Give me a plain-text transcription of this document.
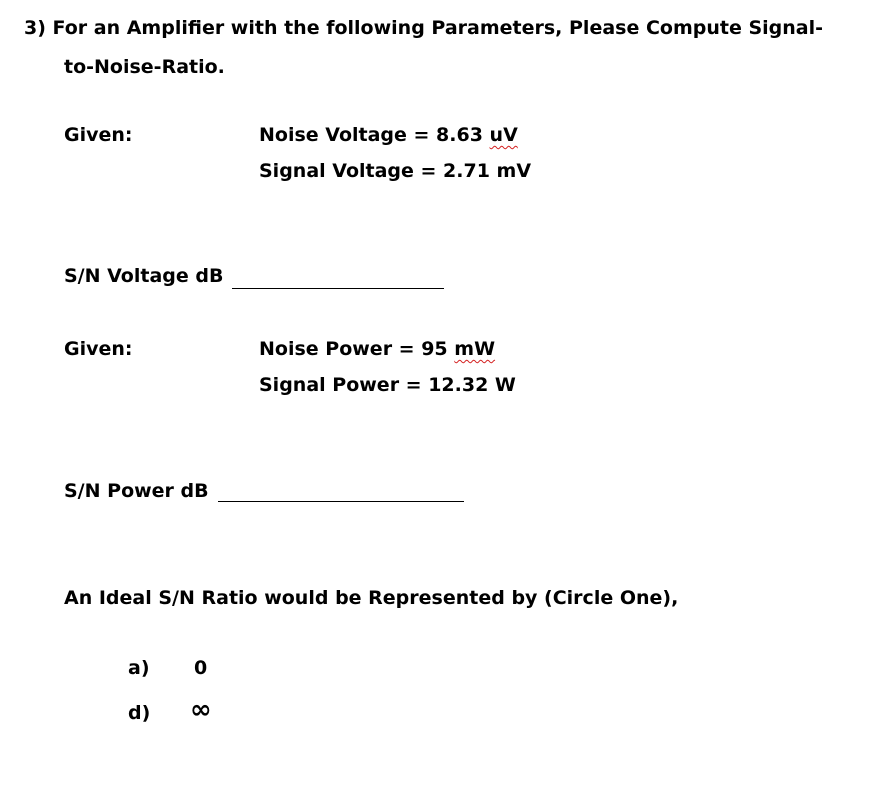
3) For an Amplifier with the following Parameters, Please Compute Signal-
to-Noise-Ratio.
Given:	Noise Voltage = 8.63 uV
Signal Voltage = 2.71 mV
S/N Voltage dB
Given:	Noise Power = 95 mW
Signal Power = 12.32 W
S/N Power dB
An Ideal S/N Ratio would be Represented by (Circle One),
a) 0
d) ∞
